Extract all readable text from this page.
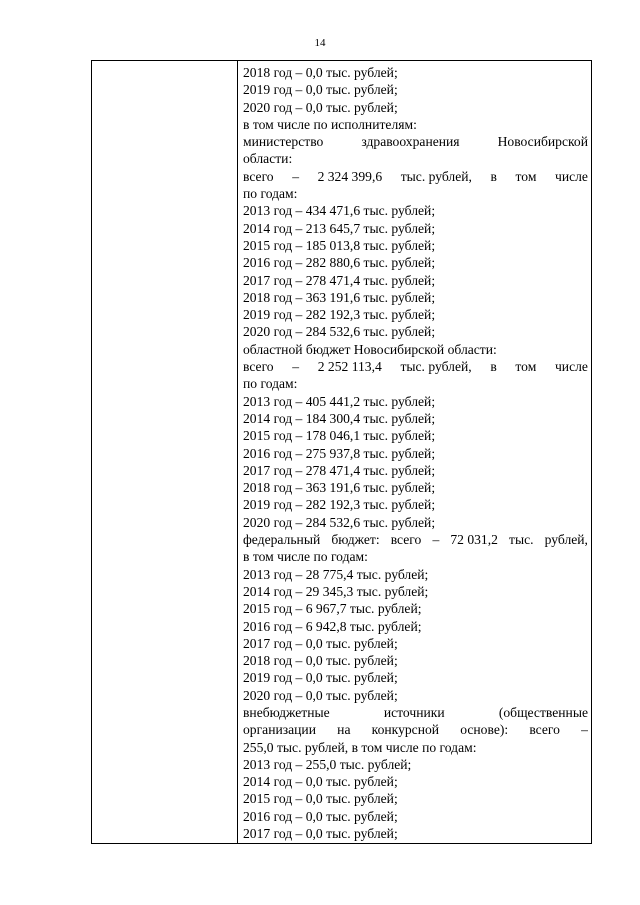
14
2018 год – 0,0 тыс. рублей;
2019 год – 0,0 тыс. рублей;
2020 год – 0,0 тыс. рублей;
в том числе по исполнителям:
министерство	здравоохранения	Новосибирской
области:
всего – 2 324 399,6 тыс. рублей, в том числе
по годам:
2013 год – 434 471,6 тыс. рублей;
2014 год – 213 645,7 тыс. рублей;
2015 год – 185 013,8 тыс. рублей;
2016 год – 282 880,6 тыс. рублей;
2017 год – 278 471,4 тыс. рублей;
2018 год – 363 191,6 тыс. рублей;
2019 год – 282 192,3 тыс. рублей;
2020 год – 284 532,6 тыс. рублей;
областной бюджет Новосибирской области:
всего – 2 252 113,4 тыс. рублей, в том числе
по годам:
2013 год – 405 441,2 тыс. рублей;
2014 год – 184 300,4 тыс. рублей;
2015 год – 178 046,1 тыс. рублей;
2016 год – 275 937,8 тыс. рублей;
2017 год – 278 471,4 тыс. рублей;
2018 год – 363 191,6 тыс. рублей;
2019 год – 282 192,3 тыс. рублей;
2020 год – 284 532,6 тыс. рублей;
федеральный бюджет: всего – 72 031,2 тыс. рублей,
в том числе по годам:
2013 год – 28 775,4 тыс. рублей;
2014 год – 29 345,3 тыс. рублей;
2015 год – 6 967,7 тыс. рублей;
2016 год – 6 942,8 тыс. рублей;
2017 год – 0,0 тыс. рублей;
2018 год – 0,0 тыс. рублей;
2019 год – 0,0 тыс. рублей;
2020 год – 0,0 тыс. рублей;
внебюджетные	источники	(общественные
организации на конкурсной основе): всего –
255,0 тыс. рублей, в том числе по годам:
2013 год – 255,0 тыс. рублей;
2014 год – 0,0 тыс. рублей;
2015 год – 0,0 тыс. рублей;
2016 год – 0,0 тыс. рублей;
2017 год – 0,0 тыс. рублей;
